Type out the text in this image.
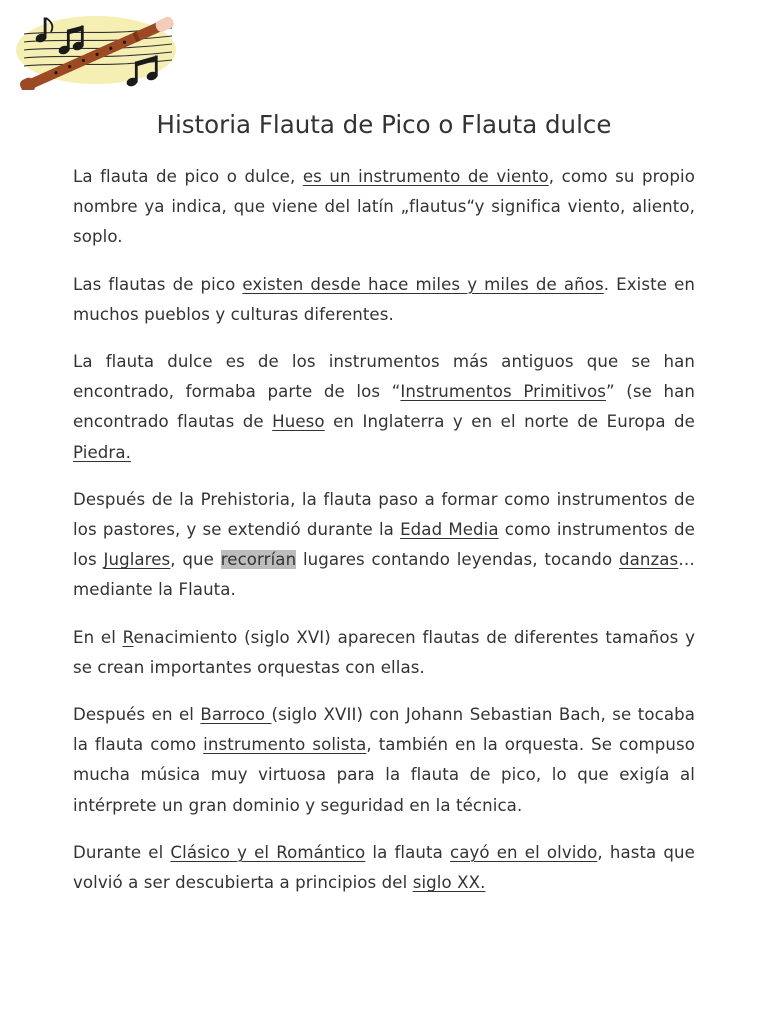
Historia Flauta de Pico o Flauta dulce

La flauta de pico o dulce, es un instrumento de viento, como su propio nombre ya indica, que viene del latín „flautus“y significa viento, aliento, soplo.

Las flautas de pico existen desde hace miles y miles de años. Existe en muchos pueblos y culturas diferentes.

La flauta dulce es de los instrumentos más antiguos que se han encontrado, formaba parte de los “Instrumentos Primitivos” (se han encontrado flautas de Hueso en Inglaterra y en el norte de Europa de Piedra.

Después de la Prehistoria, la flauta paso a formar como instrumentos de los pastores, y se extendió durante la Edad Media como instrumentos de los Juglares, que recorrían lugares contando leyendas, tocando danzas…mediante la Flauta.

En el Renacimiento (siglo XVI) aparecen flautas de diferentes tamaños y se crean importantes orquestas con ellas.

Después en el Barroco (siglo XVII) con Johann Sebastian Bach, se tocaba la flauta como instrumento solista, también en la orquesta. Se compuso mucha música muy virtuosa para la flauta de pico, lo que exigía al intérprete un gran dominio y seguridad en la técnica.

Durante el Clásico y el Romántico la flauta cayó en el olvido, hasta que volvió a ser descubierta a principios del siglo XX.
